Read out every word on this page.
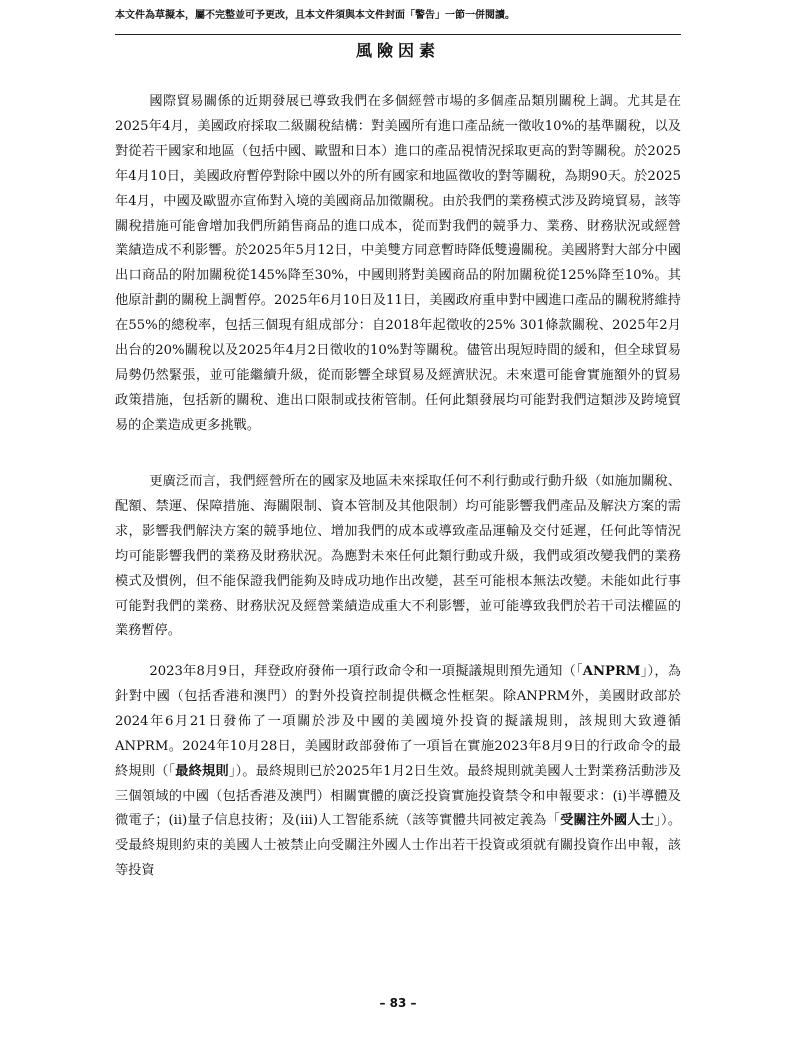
本文件為草擬本，屬不完整並可予更改，且本文件須與本文件封面「警告」一節一併閱讀。
風險因素

國際貿易關係的近期發展已導致我們在多個經營市場的多個產品類別關稅上調。尤其是在2025年4月，美國政府採取二級關稅結構：對美國所有進口產品統一徵收10%的基準關稅，以及對從若干國家和地區（包括中國、歐盟和日本）進口的產品視情況採取更高的對等關稅。於2025年4月10日，美國政府暫停對除中國以外的所有國家和地區徵收的對等關稅，為期90天。於2025年4月，中國及歐盟亦宣佈對入境的美國商品加徵關稅。由於我們的業務模式涉及跨境貿易，該等關稅措施可能會增加我們所銷售商品的進口成本，從而對我們的競爭力、業務、財務狀況或經營業績造成不利影響。於2025年5月12日，中美雙方同意暫時降低雙邊關稅。美國將對大部分中國出口商品的附加關稅從145%降至30%，中國則將對美國商品的附加關稅從125%降至10%。其他原計劃的關稅上調暫停。2025年6月10日及11日，美國政府重申對中國進口產品的關稅將維持在55%的總稅率，包括三個現有組成部分：自2018年起徵收的25% 301條款關稅、2025年2月出台的20%關稅以及2025年4月2日徵收的10%對等關稅。儘管出現短時間的緩和，但全球貿易局勢仍然緊張，並可能繼續升級，從而影響全球貿易及經濟狀況。未來還可能會實施額外的貿易政策措施，包括新的關稅、進出口限制或技術管制。任何此類發展均可能對我們這類涉及跨境貿易的企業造成更多挑戰。

更廣泛而言，我們經營所在的國家及地區未來採取任何不利行動或行動升級（如施加關稅、配額、禁運、保障措施、海關限制、資本管制及其他限制）均可能影響我們產品及解決方案的需求，影響我們解決方案的競爭地位、增加我們的成本或導致產品運輸及交付延遲，任何此等情況均可能影響我們的業務及財務狀況。為應對未來任何此類行動或升級，我們或須改變我們的業務模式及慣例，但不能保證我們能夠及時成功地作出改變，甚至可能根本無法改變。未能如此行事可能對我們的業務、財務狀況及經營業績造成重大不利影響，並可能導致我們於若干司法權區的業務暫停。

2023年8月9日，拜登政府發佈一項行政命令和一項擬議規則預先通知（「ANPRM」），為針對中國（包括香港和澳門）的對外投資控制提供概念性框架。除ANPRM外，美國財政部於2024年6月21日發佈了一項關於涉及中國的美國境外投資的擬議規則，該規則大致遵循ANPRM。2024年10月28日，美國財政部發佈了一項旨在實施2023年8月9日的行政命令的最終規則（「最終規則」）。最終規則已於2025年1月2日生效。最終規則就美國人士對業務活動涉及三個領域的中國（包括香港及澳門）相關實體的廣泛投資實施投資禁令和申報要求：(i)半導體及微電子；(ii)量子信息技術；及(iii)人工智能系統（該等實體共同被定義為「受關注外國人士」）。受最終規則約束的美國人士被禁止向受關注外國人士作出若干投資或須就有關投資作出申報，該等投資

– 83 –
